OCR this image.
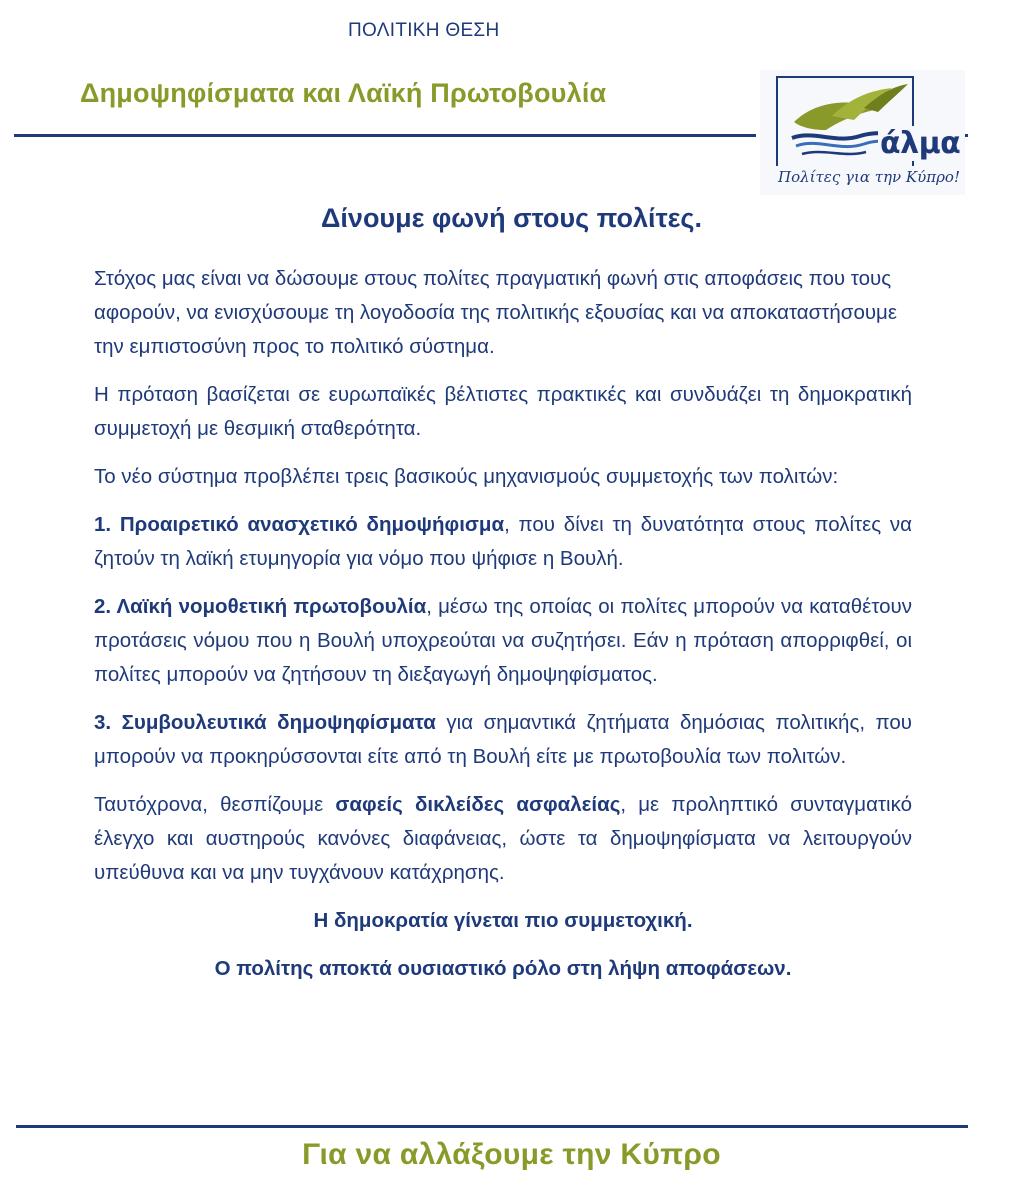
ΠΟΛΙΤΙΚΗ ΘΕΣΗ
Δημοψηφίσματα και Λαϊκή Πρωτοβουλία
άλμα
Πολίτες για την Κύπρο!
Δίνουμε φωνή στους πολίτες.

Στόχος μας είναι να δώσουμε στους πολίτες πραγματική φωνή στις αποφάσεις που τους αφορούν, να ενισχύσουμε τη λογοδοσία της πολιτικής εξουσίας και να αποκαταστήσουμε την εμπιστοσύνη προς το πολιτικό σύστημα.

Η πρόταση βασίζεται σε ευρωπαϊκές βέλτιστες πρακτικές και συνδυάζει τη δημοκρατική συμμετοχή με θεσμική σταθερότητα.

Το νέο σύστημα προβλέπει τρεις βασικούς μηχανισμούς συμμετοχής των πολιτών:

1. Προαιρετικό ανασχετικό δημοψήφισμα, που δίνει τη δυνατότητα στους πολίτες να ζητούν τη λαϊκή ετυμηγορία για νόμο που ψήφισε η Βουλή.

2. Λαϊκή νομοθετική πρωτοβουλία, μέσω της οποίας οι πολίτες μπορούν να καταθέτουν προτάσεις νόμου που η Βουλή υποχρεούται να συζητήσει. Εάν η πρόταση απορριφθεί, οι πολίτες μπορούν να ζητήσουν τη διεξαγωγή δημοψηφίσματος.

3. Συμβουλευτικά δημοψηφίσματα για σημαντικά ζητήματα δημόσιας πολιτικής, που μπορούν να προκηρύσσονται είτε από τη Βουλή είτε με πρωτοβουλία των πολιτών.

Ταυτόχρονα, θεσπίζουμε σαφείς δικλείδες ασφαλείας, με προληπτικό συνταγματικό έλεγχο και αυστηρούς κανόνες διαφάνειας, ώστε τα δημοψηφίσματα να λειτουργούν υπεύθυνα και να μην τυγχάνουν κατάχρησης.

Η δημοκρατία γίνεται πιο συμμετοχική.

Ο πολίτης αποκτά ουσιαστικό ρόλο στη λήψη αποφάσεων.

Για να αλλάξουμε την Κύπρο
